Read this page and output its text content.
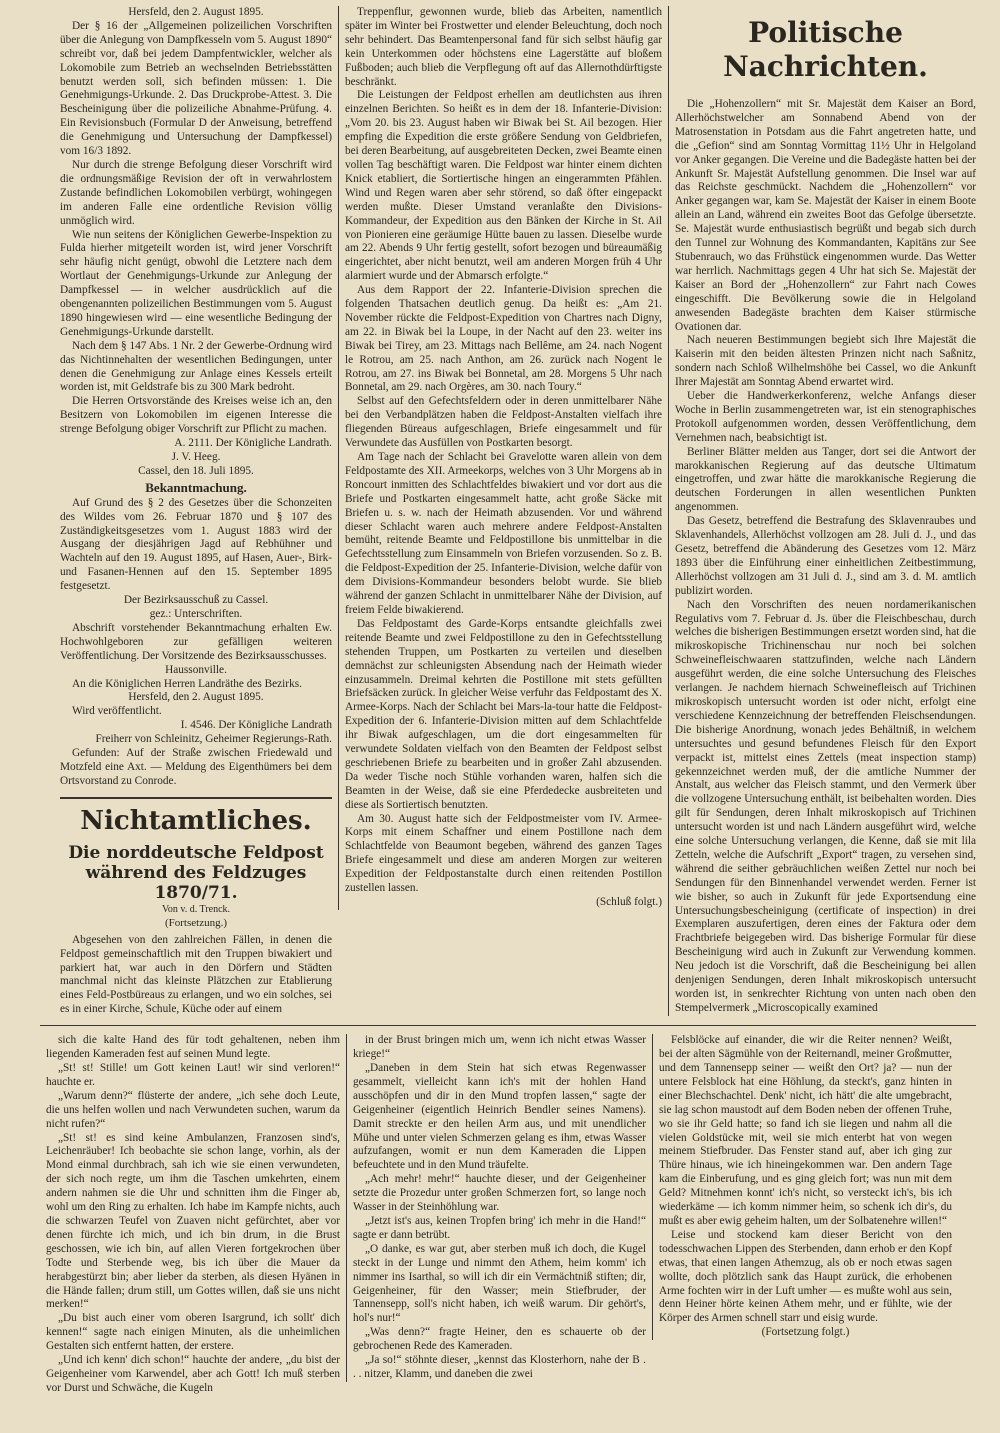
Hersfeld, den 2. August 1895.

Der § 16 der „Allgemeinen polizeilichen Vorschriften über die Anlegung von Dampfkesseln vom 5. August 1890“ schreibt vor, daß bei jedem Dampfentwickler, welcher als Lokomobile zum Betrieb an wechselnden Betriebsstätten benutzt werden soll, sich befinden müssen: 1. Die Genehmigungs-Urkunde. 2. Das Druckprobe-Attest. 3. Die Bescheinigung über die polizeiliche Abnahme-Prüfung. 4. Ein Revisionsbuch (Formular D der Anweisung, betreffend die Genehmigung und Untersuchung der Dampfkessel) vom 16/3 1892.

Nur durch die strenge Befolgung dieser Vorschrift wird die ordnungsmäßige Revision der oft in verwahrlostem Zustande befindlichen Lokomobilen verbürgt, wohingegen im anderen Falle eine ordentliche Revision völlig unmöglich wird.

Wie nun seitens der Königlichen Gewerbe-Inspektion zu Fulda hierher mitgeteilt worden ist, wird jener Vorschrift sehr häufig nicht genügt, obwohl die Letztere nach dem Wortlaut der Genehmigungs-Urkunde zur Anlegung der Dampfkessel — in welcher ausdrücklich auf die obengenannten polizeilichen Bestimmungen vom 5. August 1890 hingewiesen wird — eine wesentliche Bedingung der Genehmigungs-Urkunde darstellt.

Nach dem § 147 Abs. 1 Nr. 2 der Gewerbe-Ordnung wird das Nichtinnehalten der wesentlichen Bedingungen, unter denen die Genehmigung zur Anlage eines Kessels erteilt worden ist, mit Geldstrafe bis zu 300 Mark bedroht.

Die Herren Ortsvorstände des Kreises weise ich an, den Besitzern von Lokomobilen im eigenen Interesse die strenge Befolgung obiger Vorschrift zur Pflicht zu machen.

A. 2111. Der Königliche Landrath.

J. V. Heeg.

Cassel, den 18. Juli 1895.

Bekanntmachung.

Auf Grund des § 2 des Gesetzes über die Schonzeiten des Wildes vom 26. Februar 1870 und § 107 des Zuständigkeitsgesetzes vom 1. August 1883 wird der Ausgang der diesjährigen Jagd auf Rebhühner und Wachteln auf den 19. August 1895, auf Hasen, Auer-, Birk- und Fasanen-Hennen auf den 15. September 1895 festgesetzt.

Der Bezirksausschuß zu Cassel.

gez.: Unterschriften.

Abschrift vorstehender Bekanntmachung erhalten Ew. Hochwohlgeboren zur gefälligen weiteren Veröffentlichung. Der Vorsitzende des Bezirksausschusses.

Haussonville.

An die Königlichen Herren Landräthe des Bezirks.

Hersfeld, den 2. August 1895.

Wird veröffentlicht.

I. 4546. Der Königliche Landrath

Freiherr von Schleinitz, Geheimer Regierungs-Rath.

Gefunden: Auf der Straße zwischen Friedewald und Motzfeld eine Axt. — Meldung des Eigenthümers bei dem Ortsvorstand zu Conrode.

Nichtamtliches.
Die norddeutsche Feldpost während des Feldzuges 1870/71.
Von v. d. Trenck.
(Fortsetzung.)

Abgesehen von den zahlreichen Fällen, in denen die Feldpost gemeinschaftlich mit den Truppen biwakiert und parkiert hat, war auch in den Dörfern und Städten manchmal nicht das kleinste Plätzchen zur Etablierung eines Feld-Postbüreaus zu erlangen, und wo ein solches, sei es in einer Kirche, Schule, Küche oder auf einem

Treppenflur, gewonnen wurde, blieb das Arbeiten, namentlich später im Winter bei Frostwetter und elender Beleuchtung, doch noch sehr behindert. Das Beamtenpersonal fand für sich selbst häufig gar kein Unterkommen oder höchstens eine Lagerstätte auf bloßem Fußboden; auch blieb die Verpflegung oft auf das Allernothdürftigste beschränkt.

Die Leistungen der Feldpost erhellen am deutlichsten aus ihren einzelnen Berichten. So heißt es in dem der 18. Infanterie-Division: „Vom 20. bis 23. August haben wir Biwak bei St. Ail bezogen. Hier empfing die Expedition die erste größere Sendung von Geldbriefen, bei deren Bearbeitung, auf ausgebreiteten Decken, zwei Beamte einen vollen Tag beschäftigt waren. Die Feldpost war hinter einem dichten Knick etabliert, die Sortiertische hingen an eingerammten Pfählen. Wind und Regen waren aber sehr störend, so daß öfter eingepackt werden mußte. Dieser Umstand veranlaßte den Divisions-Kommandeur, der Expedition aus den Bänken der Kirche in St. Ail von Pionieren eine geräumige Hütte bauen zu lassen. Dieselbe wurde am 22. Abends 9 Uhr fertig gestellt, sofort bezogen und büreaumäßig eingerichtet, aber nicht benutzt, weil am anderen Morgen früh 4 Uhr alarmiert wurde und der Abmarsch erfolgte.“

Aus dem Rapport der 22. Infanterie-Division sprechen die folgenden Thatsachen deutlich genug. Da heißt es: „Am 21. November rückte die Feldpost-Expedition von Chartres nach Digny, am 22. in Biwak bei la Loupe, in der Nacht auf den 23. weiter ins Biwak bei Tirey, am 23. Mittags nach Bellême, am 24. nach Nogent le Rotrou, am 25. nach Anthon, am 26. zurück nach Nogent le Rotrou, am 27. ins Biwak bei Bonnetal, am 28. Morgens 5 Uhr nach Bonnetal, am 29. nach Orgères, am 30. nach Toury.“

Selbst auf den Gefechtsfeldern oder in deren unmittelbarer Nähe bei den Verbandplätzen haben die Feldpost-Anstalten vielfach ihre fliegenden Büreaus aufgeschlagen, Briefe eingesammelt und für Verwundete das Ausfüllen von Postkarten besorgt.

Am Tage nach der Schlacht bei Gravelotte waren allein von dem Feldpostamte des XII. Armeekorps, welches von 3 Uhr Morgens ab in Roncourt inmitten des Schlachtfeldes biwakiert und vor dort aus die Briefe und Postkarten eingesammelt hatte, acht große Säcke mit Briefen u. s. w. nach der Heimath abzusenden. Vor und während dieser Schlacht waren auch mehrere andere Feldpost-Anstalten bemüht, reitende Beamte und Feldpostillone bis unmittelbar in die Gefechtsstellung zum Einsammeln von Briefen vorzusenden. So z. B. die Feldpost-Expedition der 25. Infanterie-Division, welche dafür von dem Divisions-Kommandeur besonders belobt wurde. Sie blieb während der ganzen Schlacht in unmittelbarer Nähe der Division, auf freiem Felde biwakierend.

Das Feldpostamt des Garde-Korps entsandte gleichfalls zwei reitende Beamte und zwei Feldpostillone zu den in Gefechtsstellung stehenden Truppen, um Postkarten zu verteilen und dieselben demnächst zur schleunigsten Absendung nach der Heimath wieder einzusammeln. Dreimal kehrten die Postillone mit stets gefüllten Briefsäcken zurück. In gleicher Weise verfuhr das Feldpostamt des X. Armee-Korps. Nach der Schlacht bei Mars-la-tour hatte die Feldpost-Expedition der 6. Infanterie-Division mitten auf dem Schlachtfelde ihr Biwak aufgeschlagen, um die dort eingesammelten für verwundete Soldaten vielfach von den Beamten der Feldpost selbst geschriebenen Briefe zu bearbeiten und in großer Zahl abzusenden. Da weder Tische noch Stühle vorhanden waren, halfen sich die Beamten in der Weise, daß sie eine Pferdedecke ausbreiteten und diese als Sortiertisch benutzten.

Am 30. August hatte sich der Feldpostmeister vom IV. Armee-Korps mit einem Schaffner und einem Postillone nach dem Schlachtfelde von Beaumont begeben, während des ganzen Tages Briefe eingesammelt und diese am anderen Morgen zur weiteren Expedition der Feldpostanstalte durch einen reitenden Postillon zustellen lassen.

(Schluß folgt.)

Politische Nachrichten.

Die „Hohenzollern“ mit Sr. Majestät dem Kaiser an Bord, Allerhöchstwelcher am Sonnabend Abend von der Matrosenstation in Potsdam aus die Fahrt angetreten hatte, und die „Gefion“ sind am Sonntag Vormittag 11½ Uhr in Helgoland vor Anker gegangen. Die Vereine und die Badegäste hatten bei der Ankunft Sr. Majestät Aufstellung genommen. Die Insel war auf das Reichste geschmückt. Nachdem die „Hohenzollern“ vor Anker gegangen war, kam Se. Majestät der Kaiser in einem Boote allein an Land, während ein zweites Boot das Gefolge übersetzte. Se. Majestät wurde enthusiastisch begrüßt und begab sich durch den Tunnel zur Wohnung des Kommandanten, Kapitäns zur See Stubenrauch, wo das Frühstück eingenommen wurde. Das Wetter war herrlich. Nachmittags gegen 4 Uhr hat sich Se. Majestät der Kaiser an Bord der „Hohenzollern“ zur Fahrt nach Cowes eingeschifft. Die Bevölkerung sowie die in Helgoland anwesenden Badegäste brachten dem Kaiser stürmische Ovationen dar.

Nach neueren Bestimmungen begiebt sich Ihre Majestät die Kaiserin mit den beiden ältesten Prinzen nicht nach Saßnitz, sondern nach Schloß Wilhelmshöhe bei Cassel, wo die Ankunft Ihrer Majestät am Sonntag Abend erwartet wird.

Ueber die Handwerkerkonferenz, welche Anfangs dieser Woche in Berlin zusammengetreten war, ist ein stenographisches Protokoll aufgenommen worden, dessen Veröffentlichung, dem Vernehmen nach, beabsichtigt ist.

Berliner Blätter melden aus Tanger, dort sei die Antwort der marokkanischen Regierung auf das deutsche Ultimatum eingetroffen, und zwar hätte die marokkanische Regierung die deutschen Forderungen in allen wesentlichen Punkten angenommen.

Das Gesetz, betreffend die Bestrafung des Sklavenraubes und Sklavenhandels, Allerhöchst vollzogen am 28. Juli d. J., und das Gesetz, betreffend die Abänderung des Gesetzes vom 12. März 1893 über die Einführung einer einheitlichen Zeitbestimmung, Allerhöchst vollzogen am 31 Juli d. J., sind am 3. d. M. amtlich publizirt worden.

Nach den Vorschriften des neuen nordamerikanischen Regulativs vom 7. Februar d. Js. über die Fleischbeschau, durch welches die bisherigen Bestimmungen ersetzt worden sind, hat die mikroskopische Trichinenschau nur noch bei solchen Schweinefleischwaaren stattzufinden, welche nach Ländern ausgeführt werden, die eine solche Untersuchung des Fleisches verlangen. Je nachdem hiernach Schweinefleisch auf Trichinen mikroskopisch untersucht worden ist oder nicht, erfolgt eine verschiedene Kennzeichnung der betreffenden Fleischsendungen. Die bisherige Anordnung, wonach jedes Behältniß, in welchem untersuchtes und gesund befundenes Fleisch für den Export verpackt ist, mittelst eines Zettels (meat inspection stamp) gekennzeichnet werden muß, der die amtliche Nummer der Anstalt, aus welcher das Fleisch stammt, und den Vermerk über die vollzogene Untersuchung enthält, ist beibehalten worden. Dies gilt für Sendungen, deren Inhalt mikroskopisch auf Trichinen untersucht worden ist und nach Ländern ausgeführt wird, welche eine solche Untersuchung verlangen, die Kenne, daß sie mit lila Zetteln, welche die Aufschrift „Export“ tragen, zu versehen sind, während die seither gebräuchlichen weißen Zettel nur noch bei Sendungen für den Binnenhandel verwendet werden. Ferner ist wie bisher, so auch in Zukunft für jede Exportsendung eine Untersuchungsbescheinigung (certificate of inspection) in drei Exemplaren auszufertigen, deren eines der Faktura oder dem Frachtbriefe beigegeben wird. Das bisherige Formular für diese Bescheinigung wird auch in Zukunft zur Verwendung kommen. Neu jedoch ist die Vorschrift, daß die Bescheinigung bei allen denjenigen Sendungen, deren Inhalt mikroskopisch untersucht worden ist, in senkrechter Richtung von unten nach oben den Stempelvermerk „Microscopically examined

sich die kalte Hand des für todt gehaltenen, neben ihm liegenden Kameraden fest auf seinen Mund legte.

„St! st! Stille! um Gott keinen Laut! wir sind verloren!“ hauchte er.

„Warum denn?“ flüsterte der andere, „ich sehe doch Leute, die uns helfen wollen und nach Verwundeten suchen, warum da nicht rufen?“

„St! st! es sind keine Ambulanzen, Franzosen sind's, Leichenräuber! Ich beobachte sie schon lange, vorhin, als der Mond einmal durchbrach, sah ich wie sie einen verwundeten, der sich noch regte, um ihm die Taschen umkehrten, einem andern nahmen sie die Uhr und schnitten ihm die Finger ab, wohl um den Ring zu erhalten. Ich habe im Kampfe nichts, auch die schwarzen Teufel von Zuaven nicht gefürchtet, aber vor denen fürchte ich mich, und ich bin drum, in die Brust geschossen, wie ich bin, auf allen Vieren fortgekrochen über Todte und Sterbende weg, bis ich über die Mauer da herabgestürzt bin; aber lieber da sterben, als diesen Hyänen in die Hände fallen; drum still, um Gottes willen, daß sie uns nicht merken!“

„Du bist auch einer vom oberen Isargrund, ich sollt' dich kennen!“ sagte nach einigen Minuten, als die unheimlichen Gestalten sich entfernt hatten, der erstere.

„Und ich kenn' dich schon!“ hauchte der andere, „du bist der Geigenheiner vom Karwendel, aber ach Gott! Ich muß sterben vor Durst und Schwäche, die Kugeln

in der Brust bringen mich um, wenn ich nicht etwas Wasser kriege!“

„Daneben in dem Stein hat sich etwas Regenwasser gesammelt, vielleicht kann ich's mit der hohlen Hand ausschöpfen und dir in den Mund tropfen lassen,“ sagte der Geigenheiner (eigentlich Heinrich Bendler seines Namens). Damit streckte er den heilen Arm aus, und mit unendlicher Mühe und unter vielen Schmerzen gelang es ihm, etwas Wasser aufzufangen, womit er nun dem Kameraden die Lippen befeuchtete und in den Mund träufelte.

„Ach mehr! mehr!“ hauchte dieser, und der Geigenheiner setzte die Prozedur unter großen Schmerzen fort, so lange noch Wasser in der Steinhöhlung war.

„Jetzt ist's aus, keinen Tropfen bring' ich mehr in die Hand!“ sagte er dann betrübt.

„O danke, es war gut, aber sterben muß ich doch, die Kugel steckt in der Lunge und nimmt den Athem, heim komm' ich nimmer ins Isarthal, so will ich dir ein Vermächtniß stiften; dir, Geigenheiner, für den Wasser; mein Stiefbruder, der Tannensepp, soll's nicht haben, ich weiß warum. Dir gehört's, hol's nur!“

„Was denn?“ fragte Heiner, den es schauerte ob der gebrochenen Rede des Kameraden.

„Ja so!“ stöhnte dieser, „kennst das Klosterhorn, nahe der B . . . nitzer, Klamm, und daneben die zwei

Felsblöcke auf einander, die wir die Reiter nennen? Weißt, bei der alten Sägmühle von der Reiternandl, meiner Großmutter, und dem Tannensepp seiner — weißt den Ort? ja? — nun der untere Felsblock hat eine Höhlung, da steckt's, ganz hinten in einer Blechschachtel. Denk' nicht, ich hätt' die alte umgebracht, sie lag schon maustodt auf dem Boden neben der offenen Truhe, wo sie ihr Geld hatte; so fand ich sie liegen und nahm all die vielen Goldstücke mit, weil sie mich enterbt hat von wegen meinem Stiefbruder. Das Fenster stand auf, aber ich ging zur Thüre hinaus, wie ich hineingekommen war. Den andern Tage kam die Einberufung, und es ging gleich fort; was nun mit dem Geld? Mitnehmen konnt' ich's nicht, so versteckt ich's, bis ich wiederkäme — ich komm nimmer heim, so schenk ich dir's, du mußt es aber ewig geheim halten, um der Solbatenehre willen!“

Leise und stockend kam dieser Bericht von den todesschwachen Lippen des Sterbenden, dann erhob er den Kopf etwas, that einen langen Athemzug, als ob er noch etwas sagen wollte, doch plötzlich sank das Haupt zurück, die erhobenen Arme fochten wirr in der Luft umher — es mußte wohl aus sein, denn Heiner hörte keinen Athem mehr, und er fühlte, wie der Körper des Armen schnell starr und eisig wurde.

(Fortsetzung folgt.)
